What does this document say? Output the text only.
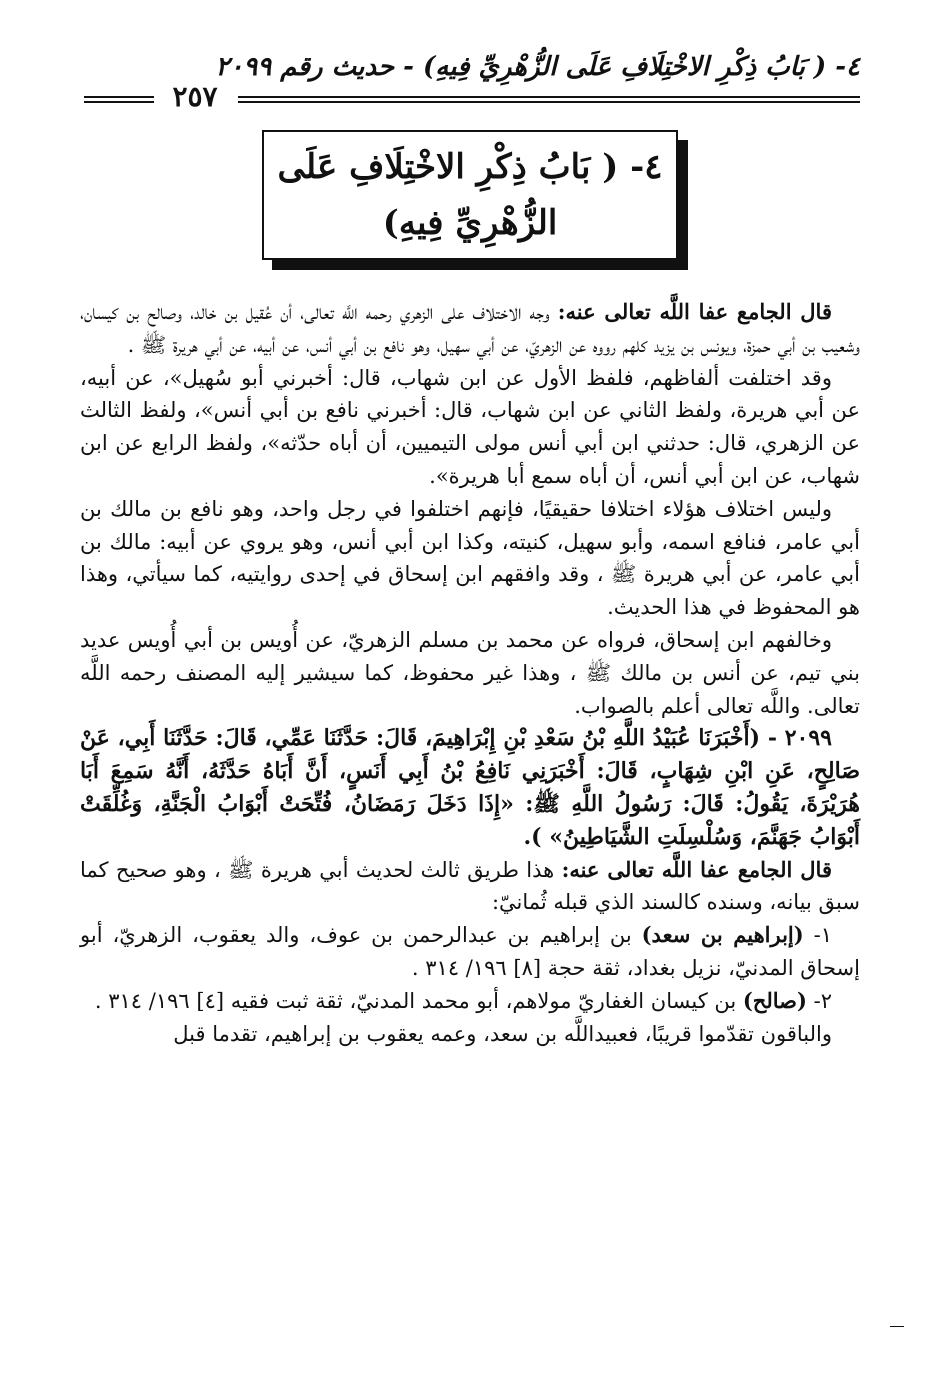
٤- ( بَابُ ذِكْرِ الاخْتِلَافِ عَلَى الزُّهْرِيِّ فِيهِ) - حديث رقم ٢٠٩٩
٢٥٧
٤- ( بَابُ ذِكْرِ الاخْتِلَافِ عَلَى
الزُّهْرِيِّ فِيهِ)

قال الجامع عفا اللَّه تعالى عنه: وجه الاختلاف على الزهري رحمه اللَّه تعالى، أن عُقيل بن خالد، وصالح بن كيسان، وشعيب بن أبي حمزة، ويونس بن يزيد كلهم رووه عن الزهريّ، عن أبي سهيل، وهو نافع بن أبي أنس، عن أبيه، عن أبي هريرة ﷺ .

وقد اختلفت ألفاظهم، فلفظ الأول عن ابن شهاب، قال: أخبرني أبو سُهيل»، عن أبيه، عن أبي هريرة، ولفظ الثاني عن ابن شهاب، قال: أخبرني نافع بن أبي أنس»، ولفظ الثالث عن الزهري، قال: حدثني ابن أبي أنس مولى التيميين، أن أباه حدّثه»، ولفظ الرابع عن ابن شهاب، عن ابن أبي أنس، أن أباه سمع أبا هريرة».

وليس اختلاف هؤلاء اختلافا حقيقيًا، فإنهم اختلفوا في رجل واحد، وهو نافع بن مالك بن أبي عامر، فنافع اسمه، وأبو سهيل، كنيته، وكذا ابن أبي أنس، وهو يروي عن أبيه: مالك بن أبي عامر، عن أبي هريرة ﷺ ، وقد وافقهم ابن إسحاق في إحدى روايتيه، كما سيأتي، وهذا هو المحفوظ في هذا الحديث.

وخالفهم ابن إسحاق، فرواه عن محمد بن مسلم الزهريّ، عن أُويس بن أبي أُويس عديد بني تيم، عن أنس بن مالك ﷺ ، وهذا غير محفوظ، كما سيشير إليه المصنف رحمه اللَّه تعالى. واللَّه تعالى أعلم بالصواب.

٢٠٩٩ - (أَخْبَرَنَا عُبَيْدُ اللَّهِ بْنُ سَعْدِ بْنِ إِبْرَاهِيمَ، قَالَ: حَدَّثَنَا عَمِّي، قَالَ: حَدَّثَنَا أَبِي، عَنْ صَالِحٍ، عَنِ ابْنِ شِهَابٍ، قَالَ: أَخْبَرَنِي نَافِعُ بْنُ أَبِي أَنَسٍ، أَنَّ أَبَاهُ حَدَّثَهُ، أَنَّهُ سَمِعَ أَبَا هُرَيْرَةَ، يَقُولُ: قَالَ: رَسُولُ اللَّهِ ﷺ: «إِذَا دَخَلَ رَمَضَانُ، فُتِّحَتْ أَبْوَابُ الْجَنَّةِ، وَغُلِّقَتْ أَبْوَابُ جَهَنَّمَ، وَسُلْسِلَتِ الشَّيَاطِينُ» ).

قال الجامع عفا اللَّه تعالى عنه: هذا طريق ثالث لحديث أبي هريرة ﷺ ، وهو صحيح كما سبق بيانه، وسنده كالسند الذي قبله ثُمانيّ:

١- (إبراهيم بن سعد) بن إبراهيم بن عبدالرحمن بن عوف، والد يعقوب، الزهريّ، أبو إسحاق المدنيّ، نزيل بغداد، ثقة حجة [٨] ١٩٦/ ٣١٤ .

٢- (صالح) بن كيسان الغفاريّ مولاهم، أبو محمد المدنيّ، ثقة ثبت فقيه [٤] ١٩٦/ ٣١٤ .

والباقون تقدّموا قريبًا، فعبيداللَّه بن سعد، وعمه يعقوب بن إبراهيم، تقدما قبل
